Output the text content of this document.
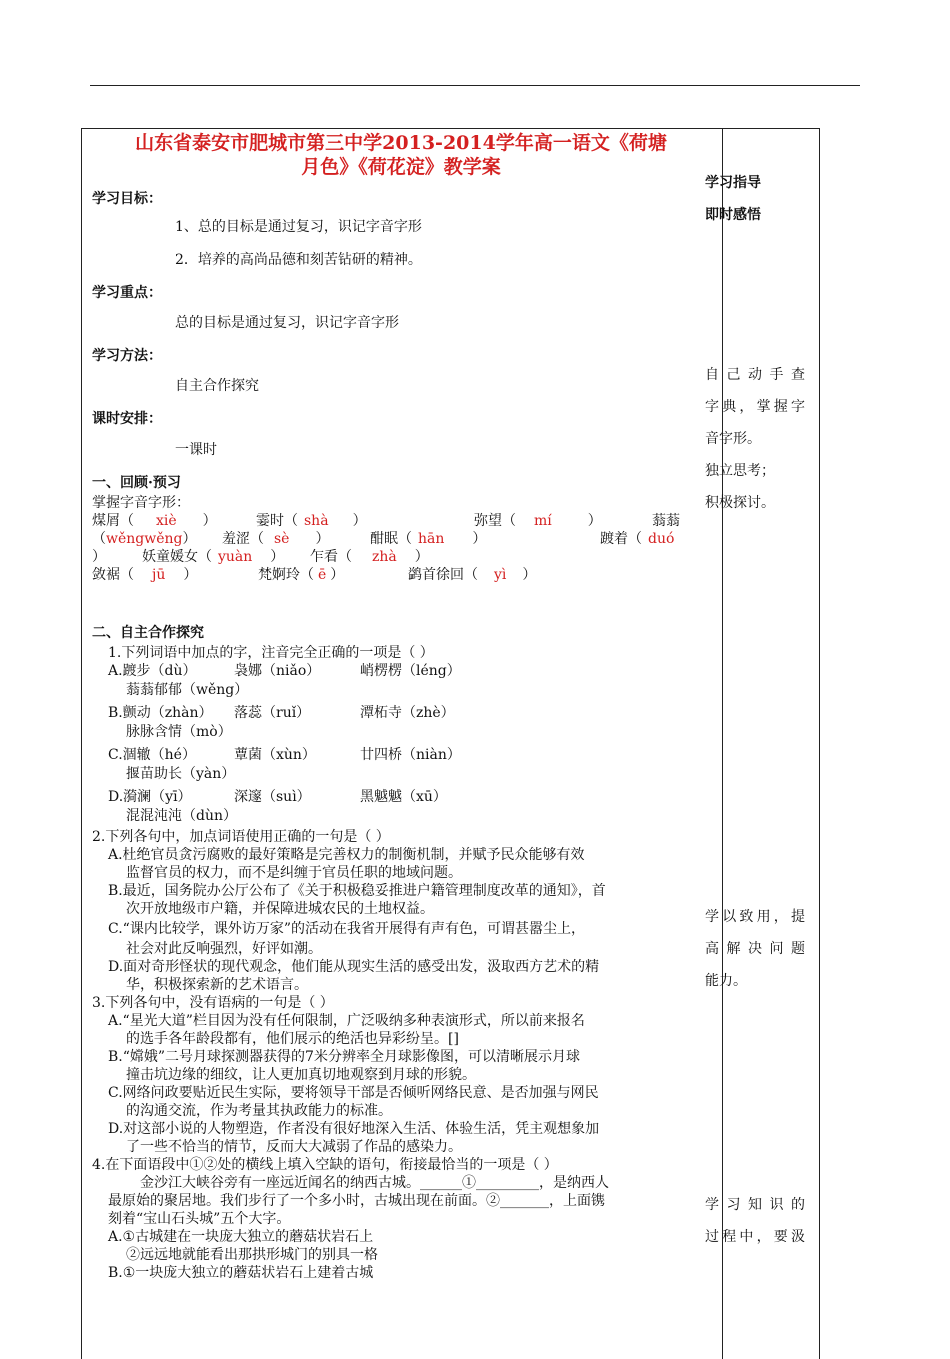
山东省泰安市肥城市第三中学2013-2014学年高一语文《荷塘
月色》《荷花淀》教学案
学习目标：
1、总的目标是通过复习，识记字音字形
2．培养的高尚品德和刻苦钻研的精神。
学习重点：
总的目标是通过复习，识记字音字形
学习方法：
自主合作探究
课时安排：
一课时
一、回顾·预习
掌握字音字形：
煤屑（ xiè ）	霎时（ shà ）	弥望（ mí	）	蓊蓊
（wěngwěng） 羞涩（ sè ）	酣眠（ hān ）	踱着（ duó
）	妖童媛女（ yuàn ） 乍看（ zhà ）
敛裾（ jū ）	梵婀玲（ ē ）	鹢首徐回（ yì ）
二、自主合作探究
1.下列词语中加点的字，注音完全正确的一项是（ ）
A.踱步（dù）	袅娜（niǎo）	峭楞楞（léng）
蓊蓊郁郁（wěng）
B.颤动（zhàn） 落蕊（ruǐ）	潭柘寺（zhè）
脉脉含情（mò）
C.涸辙（hé）	蕈菌（xùn）	廿四桥（niàn）
揠苗助长（yàn）
D.漪澜（yī）	深邃（suì）	黑魆魆（xū）
混混沌沌（dùn）
2.下列各句中，加点词语使用正确的一句是（ ）
A.杜绝官员贪污腐败的最好策略是完善权力的制衡机制，并赋予民众能够有效
监督官员的权力，而不是纠缠于官员任职的地域问题。
B.最近，国务院办公厅公布了《关于积极稳妥推进户籍管理制度改革的通知》，首
次开放地级市户籍，并保障进城农民的土地权益。
C.“课内比较学，课外访万家”的活动在我省开展得有声有色，可谓甚嚣尘上，
社会对此反响强烈，好评如潮。
D.面对奇形怪状的现代观念，他们能从现实生活的感受出发，汲取西方艺术的精
华，积极探索新的艺术语言。
3.下列各句中，没有语病的一句是（ ）
A.“星光大道”栏目因为没有任何限制，广泛吸纳多种表演形式，所以前来报名
的选手各年龄段都有，他们展示的绝活也异彩纷呈。[]
B.“嫦娥”二号月球探测器获得的7米分辨率全月球影像图，可以清晰展示月球
撞击坑边缘的细纹，让人更加真切地观察到月球的形貌。
C.网络问政要贴近民生实际，要将领导干部是否倾听网络民意、是否加强与网民
的沟通交流，作为考量其执政能力的标准。
D.对这部小说的人物塑造，作者没有很好地深入生活、体验生活，凭主观想象加
了一些不恰当的情节，反而大大减弱了作品的感染力。
4.在下面语段中①②处的横线上填入空缺的语句，衔接最恰当的一项是（ ）
金沙江大峡谷旁有一座远近闻名的纳西古城。______①_________，是纳西人
最原始的聚居地。我们步行了一个多小时，古城出现在前面。②_______，上面镌
刻着“宝山石头城”五个大字。
A.①古城建在一块庞大独立的蘑菇状岩石上
②远远地就能看出那拱形城门的别具一格
B.①一块庞大独立的蘑菇状岩石上建着古城
学习指导
即时感悟
自己动手查
字典，掌握字
音字形。
独立思考；
积极探讨。
学以致用，提
高解决问题
能力。
学习知识的
过程中，要汲
